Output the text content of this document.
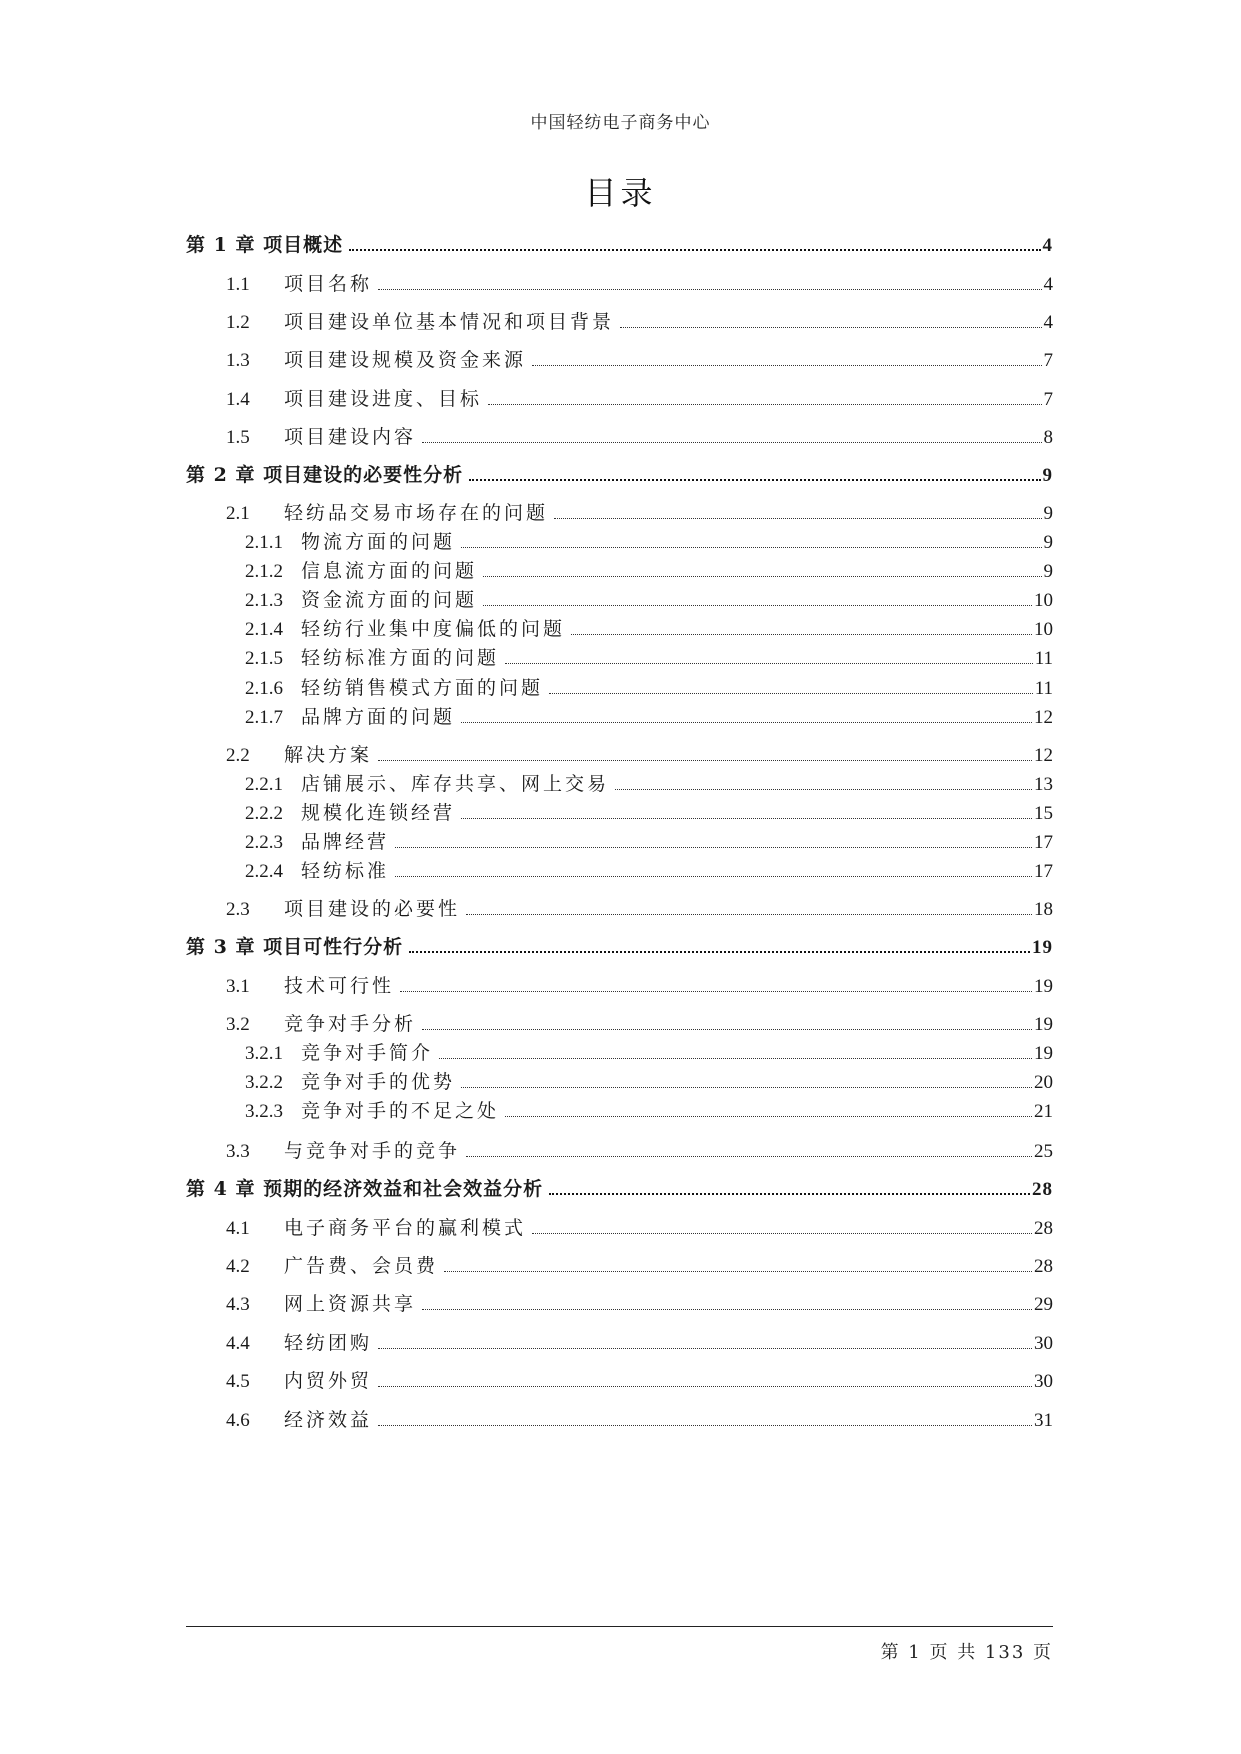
中国轻纺电子商务中心
目录
第 1 章 项目概述	4
1.1	项目名称	4
1.2	项目建设单位基本情况和项目背景	4
1.3	项目建设规模及资金来源	7
1.4	项目建设进度、目标	7
1.5	项目建设内容	8
第 2 章 项目建设的必要性分析	9
2.1	轻纺品交易市场存在的问题	9
2.1.1 物流方面的问题	9
2.1.2 信息流方面的问题	9
2.1.3 资金流方面的问题	10
2.1.4 轻纺行业集中度偏低的问题	10
2.1.5 轻纺标准方面的问题	11
2.1.6 轻纺销售模式方面的问题	11
2.1.7 品牌方面的问题	12
2.2	解决方案	12
2.2.1 店铺展示、库存共享、网上交易	13
2.2.2 规模化连锁经营	15
2.2.3 品牌经营	17
2.2.4 轻纺标准	17
2.3	项目建设的必要性	18
第 3 章 项目可性行分析	19
3.1	技术可行性	19
3.2	竞争对手分析	19
3.2.1 竞争对手简介	19
3.2.2 竞争对手的优势	20
3.2.3 竞争对手的不足之处	21
3.3	与竞争对手的竞争	25
第 4 章 预期的经济效益和社会效益分析	28
4.1	电子商务平台的赢利模式	28
4.2	广告费、会员费	28
4.3	网上资源共享	29
4.4	轻纺团购	30
4.5	内贸外贸	30
4.6	经济效益	31
第 1 页 共 133 页
